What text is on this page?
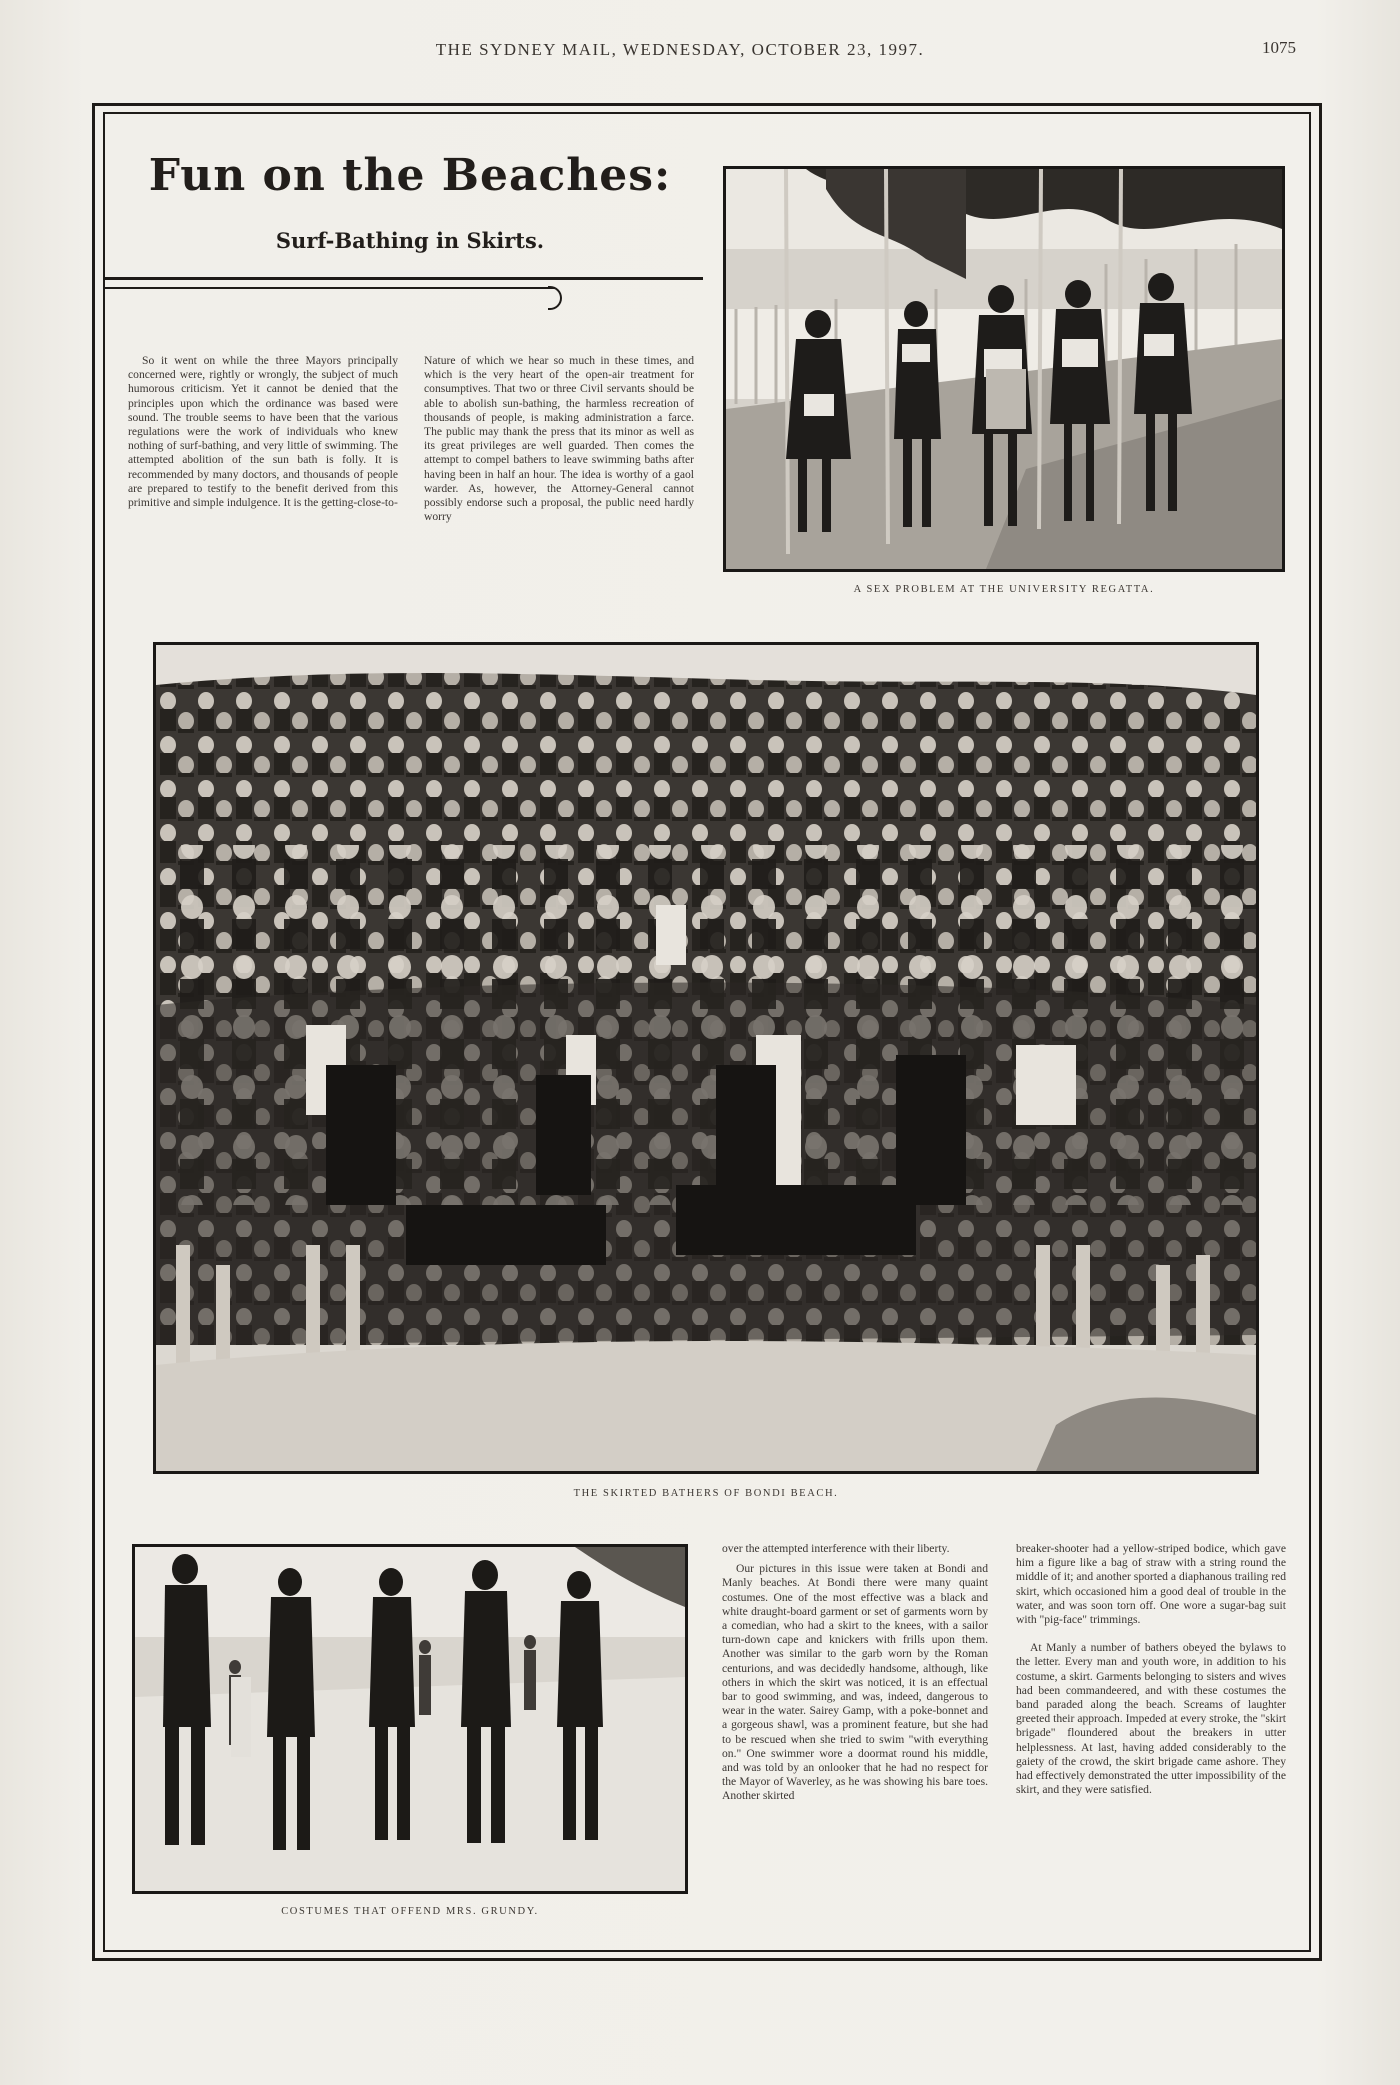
THE SYDNEY MAIL, WEDNESDAY, OCTOBER 23, 1997.	1075
Fun on the Beaches:
Surf-Bathing in Skirts.

So it went on while the three Mayors principally concerned were, rightly or wrongly, the subject of much humorous criticism. Yet it cannot be denied that the principles upon which the ordinance was based were sound. The trouble seems to have been that the various regulations were the work of individuals who knew nothing of surf-bathing, and very little of swimming. The attempted abolition of the sun bath is folly. It is recommended by many doctors, and thousands of people are prepared to testify to the benefit derived from this primitive and simple indulgence. It is the getting-close-to-

Nature of which we hear so much in these times, and which is the very heart of the open-air treatment for consumptives. That two or three Civil servants should be able to abolish sun-bathing, the harmless recreation of thousands of people, is making administration a farce. The public may thank the press that its minor as well as its great privileges are well guarded. Then comes the attempt to compel bathers to leave swimming baths after having been in half an hour. The idea is worthy of a gaol warder. As, however, the Attorney-General cannot possibly endorse such a proposal, the public need hardly worry

A SEX PROBLEM AT THE UNIVERSITY REGATTA.
THE SKIRTED BATHERS OF BONDI BEACH.
COSTUMES THAT OFFEND MRS. GRUNDY.

over the attempted interference with their liberty.

Our pictures in this issue were taken at Bondi and Manly beaches. At Bondi there were many quaint costumes. One of the most effective was a black and white draught-board garment or set of garments worn by a comedian, who had a skirt to the knees, with a sailor turn-down cape and knickers with frills upon them. Another was similar to the garb worn by the Roman centurions, and was decidedly handsome, although, like others in which the skirt was noticed, it is an effectual bar to good swimming, and was, indeed, dangerous to wear in the water. Sairey Gamp, with a poke-bonnet and a gorgeous shawl, was a prominent feature, but she had to be rescued when she tried to swim "with everything on." One swimmer wore a doormat round his middle, and was told by an onlooker that he had no respect for the Mayor of Waverley, as he was showing his bare toes. Another skirted

breaker-shooter had a yellow-striped bodice, which gave him a figure like a bag of straw with a string round the middle of it; and another sported a diaphanous trailing red skirt, which occasioned him a good deal of trouble in the water, and was soon torn off. One wore a sugar-bag suit with "pig-face" trimmings.

At Manly a number of bathers obeyed the bylaws to the letter. Every man and youth wore, in addition to his costume, a skirt. Garments belonging to sisters and wives had been commandeered, and with these costumes the band paraded along the beach. Screams of laughter greeted their approach. Impeded at every stroke, the "skirt brigade" floundered about the breakers in utter helplessness. At last, having added considerably to the gaiety of the crowd, the skirt brigade came ashore. They had effectively demonstrated the utter impossibility of the skirt, and they were satisfied.
